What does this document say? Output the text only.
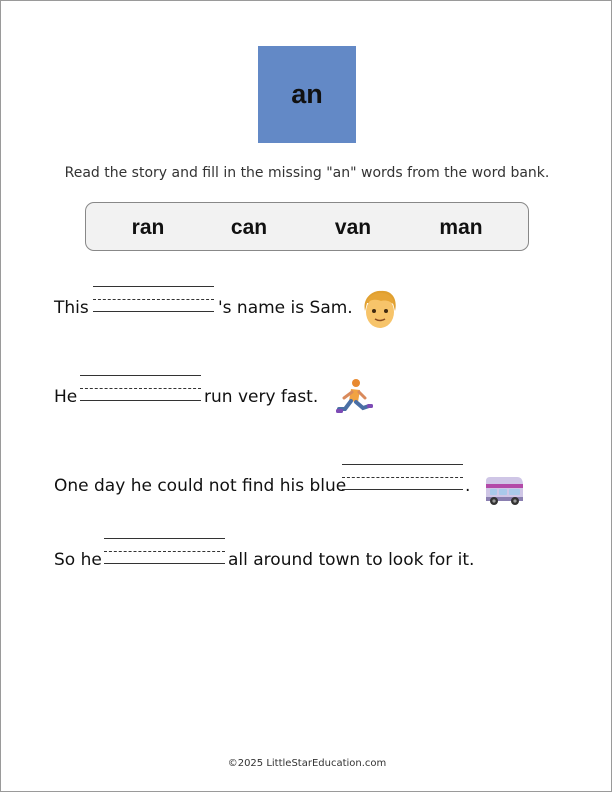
an
Read the story and fill in the missing "an" words from the word bank.
ran	can	van	man
This	's name is Sam.
He	run very fast.
One day he could not find his blue	.
So he	all around town to look for it.
©2025 LittleStarEducation.com
